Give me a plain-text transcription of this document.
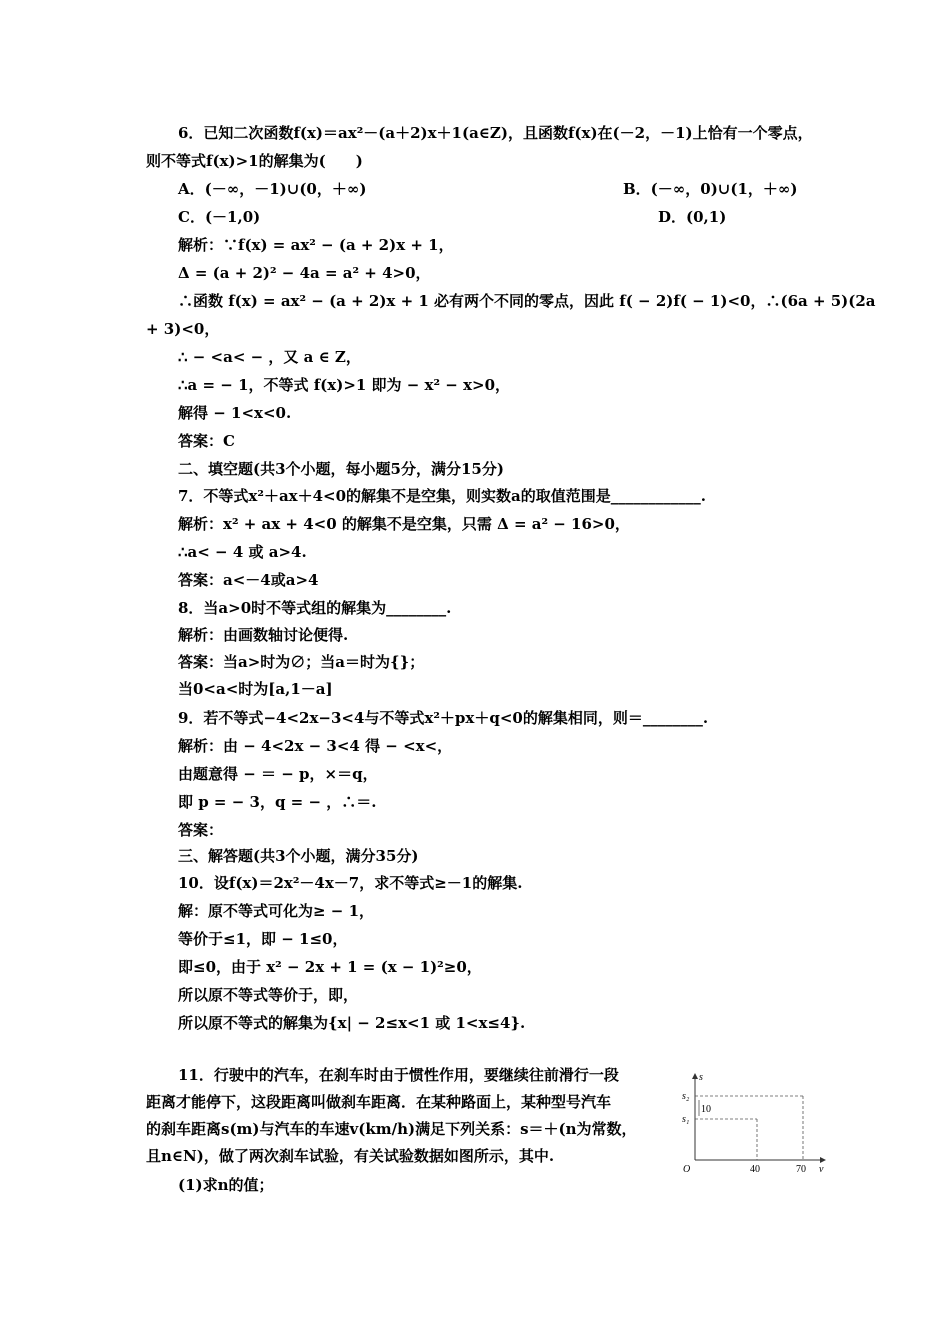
6．已知二次函数f(x)＝ax²－(a＋2)x＋1(a∈Z)，且函数f(x)在(－2，－1)上恰有一个零点，
则不等式f(x)>1的解集为(　　)
A．(－∞，－1)∪(0，＋∞)	B．(－∞，0)∪(1，＋∞)
C．(－1,0)	D．(0,1)
解析：∵f(x) = ax² − (a + 2)x + 1，
Δ = (a + 2)² − 4a = a² + 4>0，
∴函数 f(x) = ax² − (a + 2)x + 1 必有两个不同的零点，因此 f( − 2)f( − 1)<0，∴(6a + 5)(2a
+ 3)<0，
∴ − <a< − ，又 a ∈ Z，
∴a = − 1，不等式 f(x)>1 即为 − x² − x>0，
解得 − 1<x<0.
答案：C
二、填空题(共3个小题，每小题5分，满分15分)
7．不等式x²＋ax＋4<0的解集不是空集，则实数a的取值范围是____________.
解析：x² + ax + 4<0 的解集不是空集，只需 Δ = a² − 16>0，
∴a< − 4 或 a>4.
答案：a<－4或a>4
8．当a>0时不等式组的解集为________.
解析：由画数轴讨论便得.
答案：当a>时为∅；当a＝时为{}；
当0<a<时为[a,1－a]
9．若不等式−4<2x−3<4与不等式x²＋px＋q<0的解集相同，则＝________.
解析：由 − 4<2x − 3<4 得 − <x<，
由题意得 − ＝ − p，×＝q，
即 p = − 3，q = − ，∴＝.
答案：
三、解答题(共3个小题，满分35分)
10．设f(x)＝2x²－4x－7，求不等式≥－1的解集.
解：原不等式可化为≥ − 1，
等价于≤1，即 − 1≤0，
即≤0，由于 x² − 2x + 1 = (x − 1)²≥0，
所以原不等式等价于，即，
所以原不等式的解集为{x| − 2≤x<1 或 1<x≤4}.
11．行驶中的汽车，在刹车时由于惯性作用，要继续往前滑行一段
距离才能停下，这段距离叫做刹车距离．在某种路面上，某种型号汽车
的刹车距离s(m)与汽车的车速v(km/h)满足下列关系：s＝＋(n为常数，
且n∈N)，做了两次刹车试验，有关试验数据如图所示，其中.
(1)求n的值；
s
s₂
10
s₁
O	40	70 v
